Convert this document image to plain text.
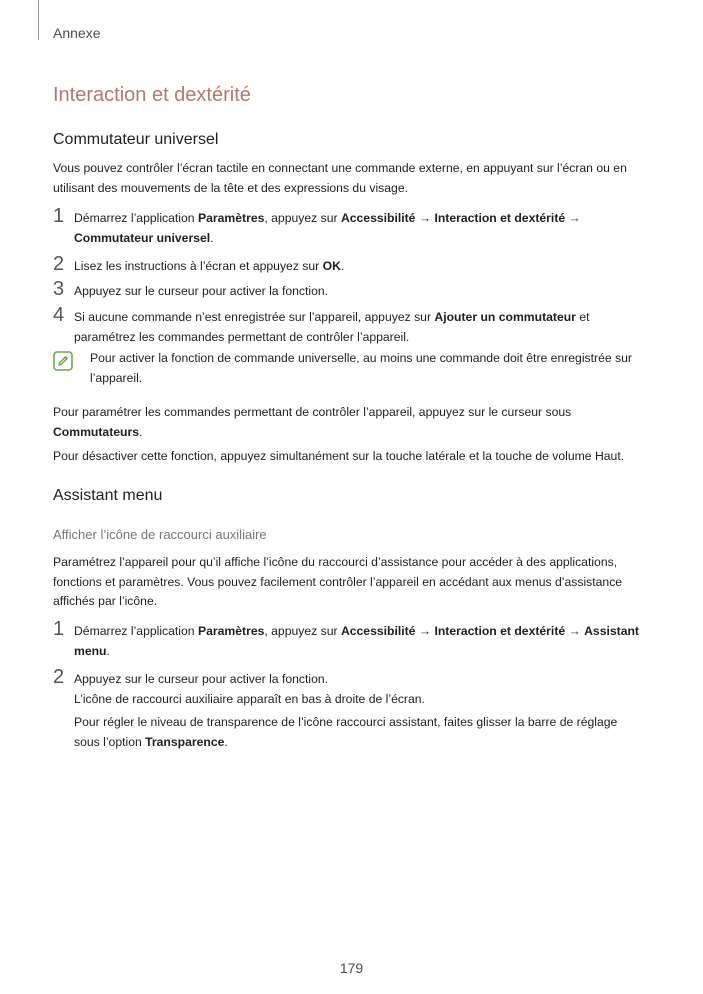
Annexe
Interaction et dextérité
Commutateur universel

Vous pouvez contrôler l’écran tactile en connectant une commande externe, en appuyant sur l’écran ou en utilisant des mouvements de la tête et des expressions du visage.

1 Démarrez l’application Paramètres, appuyez sur Accessibilité → Interaction et dextérité →
Commutateur universel.
2 Lisez les instructions à l’écran et appuyez sur OK.
3 Appuyez sur le curseur pour activer la fonction.
4 Si aucune commande n’est enregistrée sur l’appareil, appuyez sur Ajouter un commutateur et paramétrez les commandes permettant de contrôler l’appareil.
Pour activer la fonction de commande universelle, au moins une commande doit être enregistrée sur l’appareil.

Pour paramétrer les commandes permettant de contrôler l’appareil, appuyez sur le curseur sous Commutateurs.

Pour désactiver cette fonction, appuyez simultanément sur la touche latérale et la touche de volume Haut.

Assistant menu
Afficher l’icône de raccourci auxiliaire

Paramétrez l’appareil pour qu’il affiche l’icône du raccourci d’assistance pour accéder à des applications, fonctions et paramètres. Vous pouvez facilement contrôler l’appareil en accédant aux menus d’assistance affichés par l’icône.

1 Démarrez l’application Paramètres, appuyez sur Accessibilité → Interaction et dextérité → Assistant menu.
2 Appuyez sur le curseur pour activer la fonction.
L’icône de raccourci auxiliaire apparaît en bas à droite de l’écran.
Pour régler le niveau de transparence de l’icône raccourci assistant, faites glisser la barre de réglage sous l’option Transparence.
179
